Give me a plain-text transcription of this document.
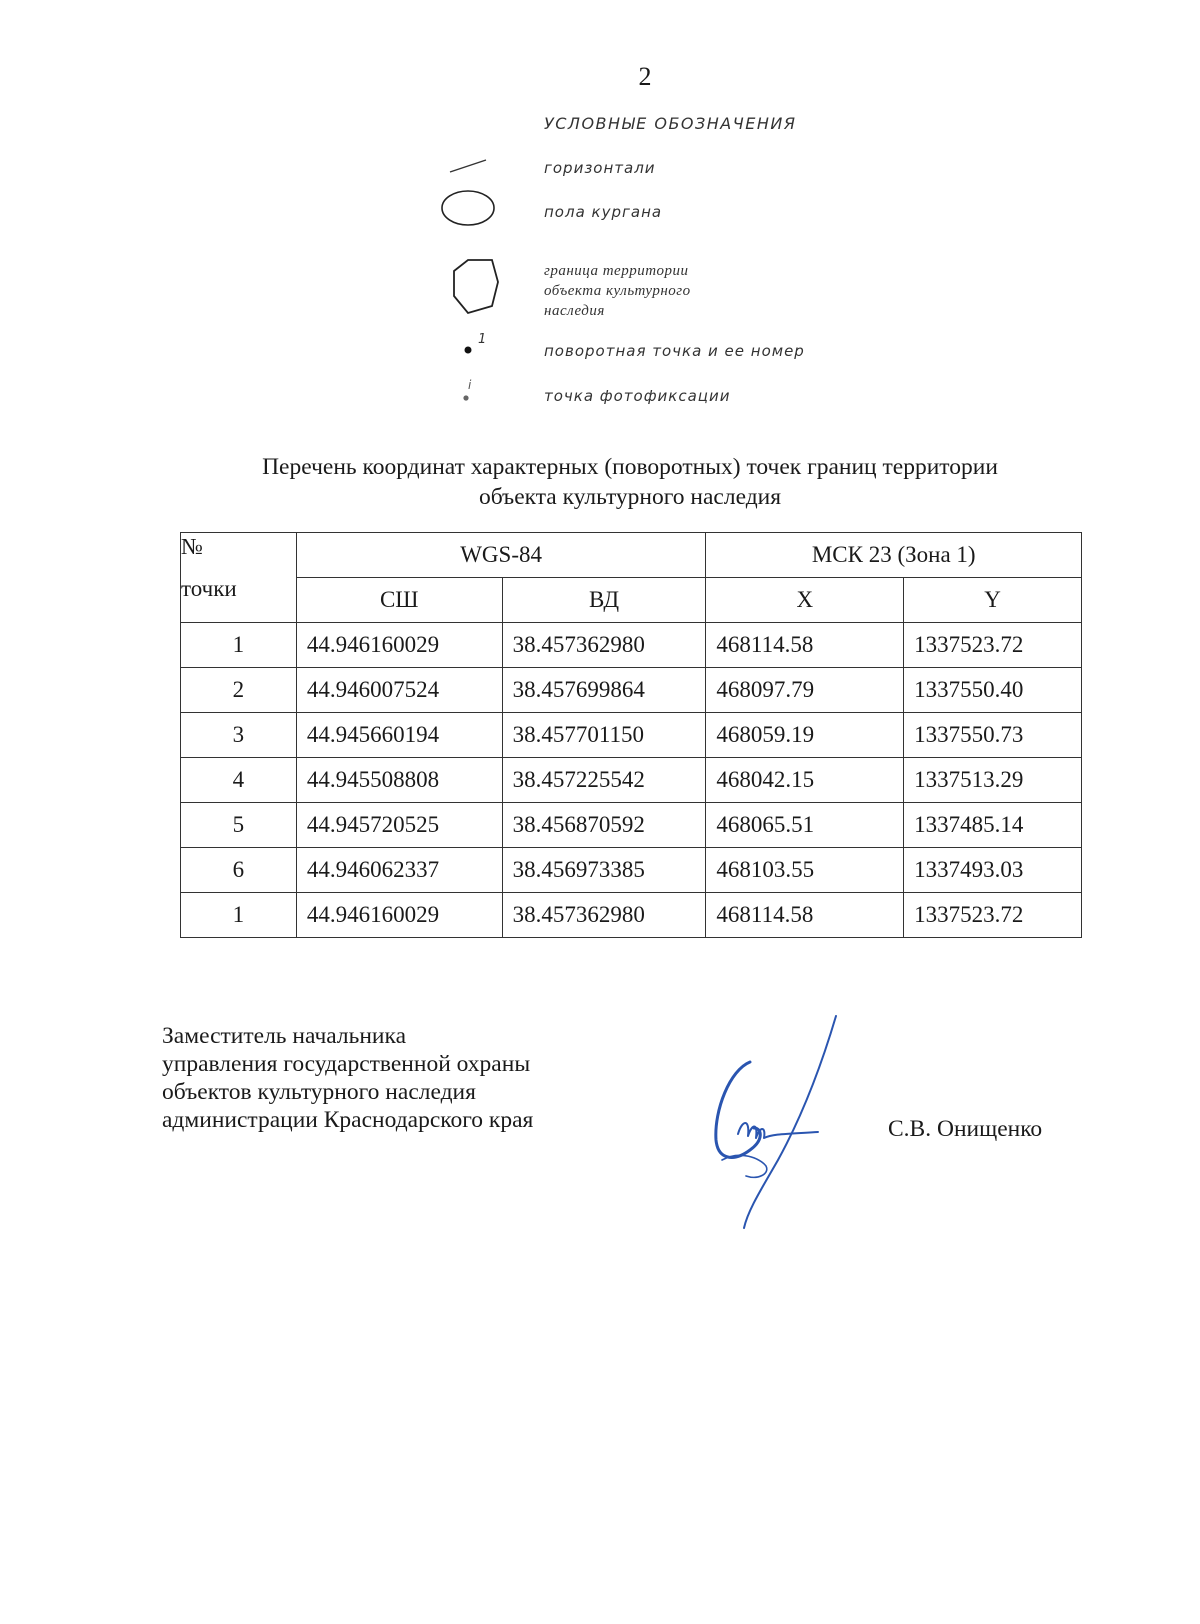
2
УСЛОВНЫЕ ОБОЗНАЧЕНИЯ
горизонтали
пола кургана
граница территории
объекта культурного
наследия
1
поворотная точка и ее номер
i
точка фотофиксации
Перечень координат характерных (поворотных) точек границ территории
объекта культурного наследия
№
точки	WGS-84		МСК 23 (Зона 1)	
	СШ	ВД	X	Y
1	44.946160029	38.457362980	468114.58	1337523.72
2	44.946007524	38.457699864	468097.79	1337550.40
3	44.945660194	38.457701150	468059.19	1337550.73
4	44.945508808	38.457225542	468042.15	1337513.29
5	44.945720525	38.456870592	468065.51	1337485.14
6	44.946062337	38.456973385	468103.55	1337493.03
1	44.946160029	38.457362980	468114.58	1337523.72
Заместитель начальника
управления государственной охраны
объектов культурного наследия
администрации Краснодарского края	С.В. Онищенко
